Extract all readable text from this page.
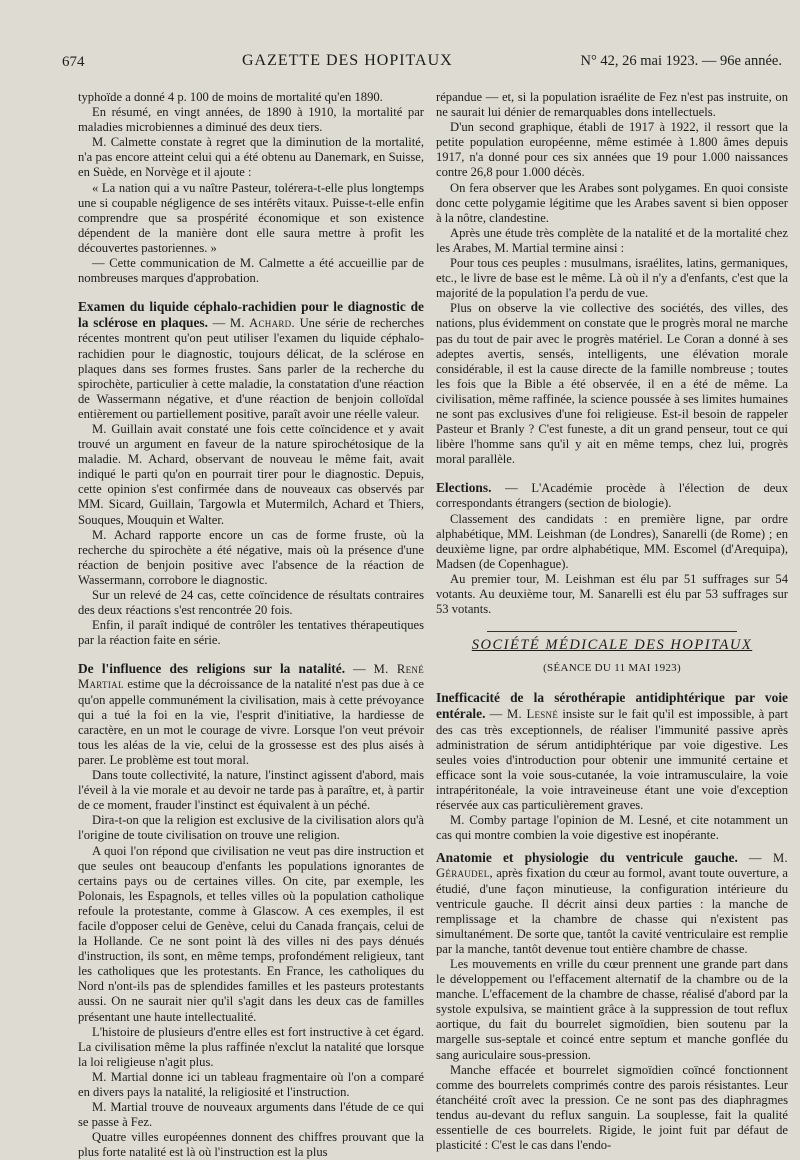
674	GAZETTE DES HOPITAUX	N° 42, 26 mai 1923. — 96e année.

typhoïde a donné 4 p. 100 de moins de mortalité qu'en 1890.

En résumé, en vingt années, de 1890 à 1910, la mortalité par maladies microbiennes a diminué des deux tiers.

M. Calmette constate à regret que la diminution de la mortalité, n'a pas encore atteint celui qui a été obtenu au Danemark, en Suisse, en Suède, en Norvège et il ajoute :

« La nation qui a vu naître Pasteur, tolérera-t-elle plus longtemps une si coupable négligence de ses intérêts vitaux. Puisse-t-elle enfin comprendre que sa prospérité économique et son existence dépendent de la manière dont elle saura mettre à profit les découvertes pastoriennes. »

— Cette communication de M. Calmette a été accueillie par de nombreuses marques d'approbation.

Examen du liquide céphalo-rachidien pour le diagnostic de la sclérose en plaques. — M. Achard. Une série de recherches récentes montrent qu'on peut utiliser l'examen du liquide céphalo-rachidien pour le diagnostic, toujours délicat, de la sclérose en plaques dans ses formes frustes. Sans parler de la recherche du spirochète, particulier à cette maladie, la constatation d'une réaction de Wassermann négative, et d'une réaction de benjoin colloïdal entièrement ou partiellement positive, paraît avoir une réelle valeur.

M. Guillain avait constaté une fois cette coïncidence et y avait trouvé un argument en faveur de la nature spirochétosique de la maladie. M. Achard, observant de nouveau le même fait, avait indiqué le parti qu'on en pourrait tirer pour le diagnostic. Depuis, cette opinion s'est confirmée dans de nouveaux cas observés par MM. Sicard, Guillain, Targowla et Mutermilch, Achard et Thiers, Souques, Mouquin et Walter.

M. Achard rapporte encore un cas de forme fruste, où la recherche du spirochète a été négative, mais où la présence d'une réaction de benjoin positive avec l'absence de la réaction de Wassermann, corrobore le diagnostic.

Sur un relevé de 24 cas, cette coïncidence de résultats contraires des deux réactions s'est rencontrée 20 fois.

Enfin, il paraît indiqué de contrôler les tentatives thérapeutiques par la réaction faite en série.

De l'influence des religions sur la natalité. — M. René Martial estime que la décroissance de la natalité n'est pas due à ce qu'on appelle communément la civilisation, mais à cette prévoyance qui a tué la foi en la vie, l'esprit d'initiative, la hardiesse de caractère, en un mot le courage de vivre. Lorsque l'on veut prévoir tous les aléas de la vie, celui de la grossesse est des plus aisés à parer. Le problème est tout moral.

Dans toute collectivité, la nature, l'instinct agissent d'abord, mais l'éveil à la vie morale et au devoir ne tarde pas à paraître, et, à partir de ce moment, frauder l'instinct est équivalent à un péché.

Dira-t-on que la religion est exclusive de la civilisation alors qu'à l'origine de toute civilisation on trouve une religion.

A quoi l'on répond que civilisation ne veut pas dire instruction et que seules ont beaucoup d'enfants les populations ignorantes de certains pays ou de certaines villes. On cite, par exemple, les Polonais, les Espagnols, et telles villes où la population catholique refoule la protestante, comme à Glascow. A ces exemples, il est facile d'opposer celui de Genève, celui du Canada français, celui de la Hollande. Ce ne sont point là des villes ni des pays dénués d'instruction, ils sont, en même temps, profondément religieux, tant les catholiques que les protestants. En France, les catholiques du Nord n'ont-ils pas de splendides familles et les pasteurs protestants aussi. On ne saurait nier qu'il s'agit dans les deux cas de familles présentant une haute intellectualité.

L'histoire de plusieurs d'entre elles est fort instructive à cet égard. La civilisation même la plus raffinée n'exclut la natalité que lorsque la loi religieuse n'agit plus.

M. Martial donne ici un tableau fragmentaire où l'on a comparé en divers pays la natalité, la religiosité et l'instruction.

M. Martial trouve de nouveaux arguments dans l'étude de ce qui se passe à Fez.

Quatre villes européennes donnent des chiffres prouvant que la plus forte natalité est là où l'instruction est la plus

répandue — et, si la population israélite de Fez n'est pas instruite, on ne saurait lui dénier de remarquables dons intellectuels.

D'un second graphique, établi de 1917 à 1922, il ressort que la petite population européenne, même estimée à 1.800 âmes depuis 1917, n'a donné pour ces six années que 19 pour 1.000 naissances contre 26,8 pour 1.000 décès.

On fera observer que les Arabes sont polygames. En quoi consiste donc cette polygamie légitime que les Arabes savent si bien opposer à la nôtre, clandestine.

Après une étude très complète de la natalité et de la mortalité chez les Arabes, M. Martial termine ainsi :

Pour tous ces peuples : musulmans, israélites, latins, germaniques, etc., le livre de base est le même. Là où il n'y a d'enfants, c'est que la majorité de la population l'a perdu de vue.

Plus on observe la vie collective des sociétés, des villes, des nations, plus évidemment on constate que le progrès moral ne marche pas du tout de pair avec le progrès matériel. Le Coran a donné à ses adeptes avertis, sensés, intelligents, une élévation morale considérable, il est la cause directe de la famille nombreuse ; toutes les fois que la Bible a été observée, il en a été de même. La civilisation, même raffinée, la science poussée à ses limites humaines ne sont pas exclusives d'une foi religieuse. Est-il besoin de rappeler Pasteur et Branly ? C'est funeste, a dit un grand penseur, tout ce qui libère l'homme sans qu'il y ait en même temps, chez lui, progrès moral parallèle.

Elections. — L'Académie procède à l'élection de deux correspondants étrangers (section de biologie).

Classement des candidats : en première ligne, par ordre alphabétique, MM. Leishman (de Londres), Sanarelli (de Rome) ; en deuxième ligne, par ordre alphabétique, MM. Escomel (d'Arequipa), Madsen (de Copenhague).

Au premier tour, M. Leishman est élu par 51 suffrages sur 54 votants. Au deuxième tour, M. Sanarelli est élu par 53 suffrages sur 53 votants.

SOCIÉTÉ MÉDICALE DES HOPITAUX
(SÉANCE DU 11 MAI 1923)

Inefficacité de la sérothérapie antidiphtérique par voie entérale. — M. Lesné insiste sur le fait qu'il est impossible, à part des cas très exceptionnels, de réaliser l'immunité passive après administration de sérum antidiphtérique par voie digestive. Les seules voies d'introduction pour obtenir une immunité certaine et efficace sont la voie sous-cutanée, la voie intramusculaire, la voie intrapéritonéale, la voie intraveineuse étant une voie d'exception réservée aux cas particulièrement graves.

M. Comby partage l'opinion de M. Lesné, et cite notamment un cas qui montre combien la voie digestive est inopérante.

Anatomie et physiologie du ventricule gauche. — M. Géraudel, après fixation du cœur au formol, avant toute ouverture, a étudié, d'une façon minutieuse, la configuration intérieure du ventricule gauche. Il décrit ainsi deux parties : la manche de remplissage et la chambre de chasse qui n'existent pas simultanément. De sorte que, tantôt la cavité ventriculaire est remplie par la manche, tantôt devenue tout entière chambre de chasse.

Les mouvements en vrille du cœur prennent une grande part dans le développement ou l'effacement alternatif de la chambre ou de la manche. L'effacement de la chambre de chasse, réalisé d'abord par la systole expulsiva, se maintient grâce à la suppression de tout reflux aortique, du fait du bourrelet sigmoïdien, bien soutenu par la margelle sus-septale et coincé entre septum et manche gonflée du sang auriculaire sous-pression.

Manche effacée et bourrelet sigmoïdien coïncé fonctionnent comme des bourrelets comprimés contre des parois résistantes. Leur étanchéité croît avec la pression. Ce ne sont pas des diaphragmes tendus au-devant du reflux sanguin. La souplesse, fait la qualité essentielle de ces bourrelets. Rigide, le joint fuit par défaut de plasticité : C'est le cas dans l'endo-
